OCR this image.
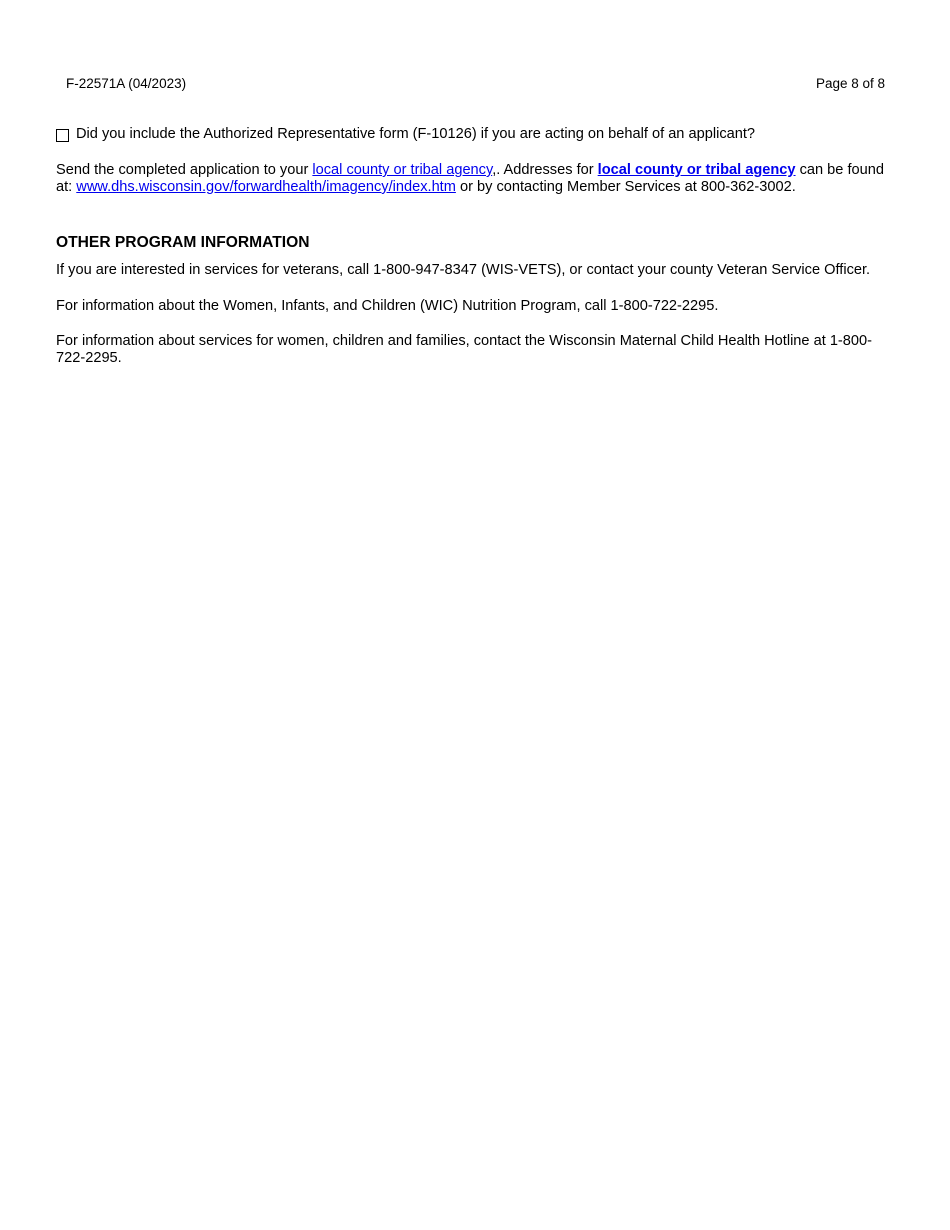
F-22571A (04/2023)	Page 8 of 8
Did you include the Authorized Representative form (F-10126) if you are acting on behalf of an applicant?

Send the completed application to your local county or tribal agency,. Addresses for local county or tribal agency can be found at: www.dhs.wisconsin.gov/forwardhealth/imagency/index.htm or by contacting Member Services at 800-362-3002.

OTHER PROGRAM INFORMATION

If you are interested in services for veterans, call 1-800-947-8347 (WIS-VETS), or contact your county Veteran Service Officer.

For information about the Women, Infants, and Children (WIC) Nutrition Program, call 1-800-722-2295.

For information about services for women, children and families, contact the Wisconsin Maternal Child Health Hotline at 1-800-722-2295.
